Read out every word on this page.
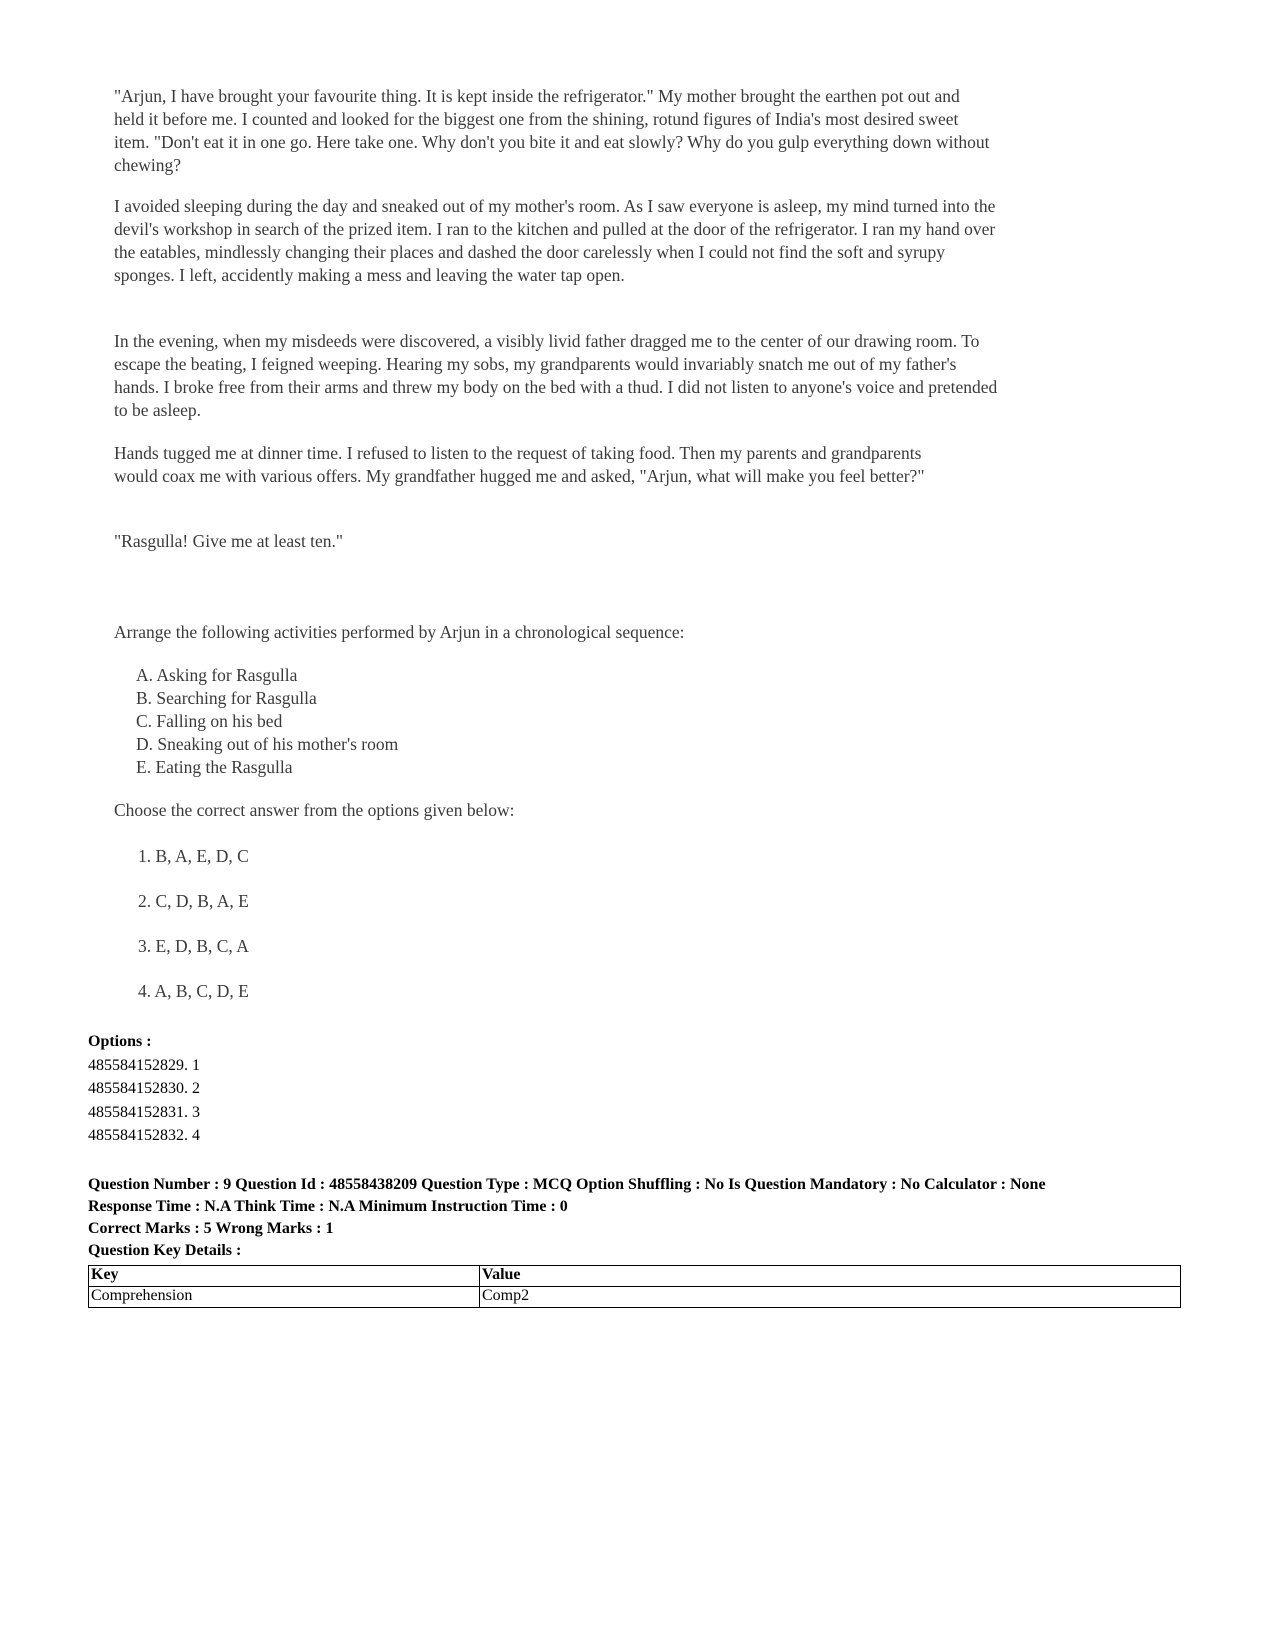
"Arjun, I have brought your favourite thing. It is kept inside the refrigerator." My mother brought the earthen pot out and held it before me. I counted and looked for the biggest one from the shining, rotund figures of India's most desired sweet item. "Don't eat it in one go. Here take one. Why don't you bite it and eat slowly? Why do you gulp everything down without chewing?

I avoided sleeping during the day and sneaked out of my mother's room. As I saw everyone is asleep, my mind turned into the devil's workshop in search of the prized item. I ran to the kitchen and pulled at the door of the refrigerator. I ran my hand over the eatables, mindlessly changing their places and dashed the door carelessly when I could not find the soft and syrupy sponges. I left, accidently making a mess and leaving the water tap open.

In the evening, when my misdeeds were discovered, a visibly livid father dragged me to the center of our drawing room. To escape the beating, I feigned weeping. Hearing my sobs, my grandparents would invariably snatch me out of my father's hands. I broke free from their arms and threw my body on the bed with a thud. I did not listen to anyone's voice and pretended to be asleep.

Hands tugged me at dinner time. I refused to listen to the request of taking food. Then my parents and grandparents would coax me with various offers. My grandfather hugged me and asked, "Arjun, what will make you feel better?"

"Rasgulla! Give me at least ten."

Arrange the following activities performed by Arjun in a chronological sequence:
A. Asking for Rasgulla
B. Searching for Rasgulla
C. Falling on his bed
D. Sneaking out of his mother's room
E. Eating the Rasgulla
Choose the correct answer from the options given below:
1. B, A, E, D, C
2. C, D, B, A, E
3. E, D, B, C, A
4. A, B, C, D, E
Options :
485584152829. 1
485584152830. 2
485584152831. 3
485584152832. 4
Question Number : 9 Question Id : 48558438209 Question Type : MCQ Option Shuffling : No Is Question Mandatory : No Calculator : None
Response Time : N.A Think Time : N.A Minimum Instruction Time : 0
Correct Marks : 5 Wrong Marks : 1
Question Key Details :
Key	Value
Comprehension	Comp2
